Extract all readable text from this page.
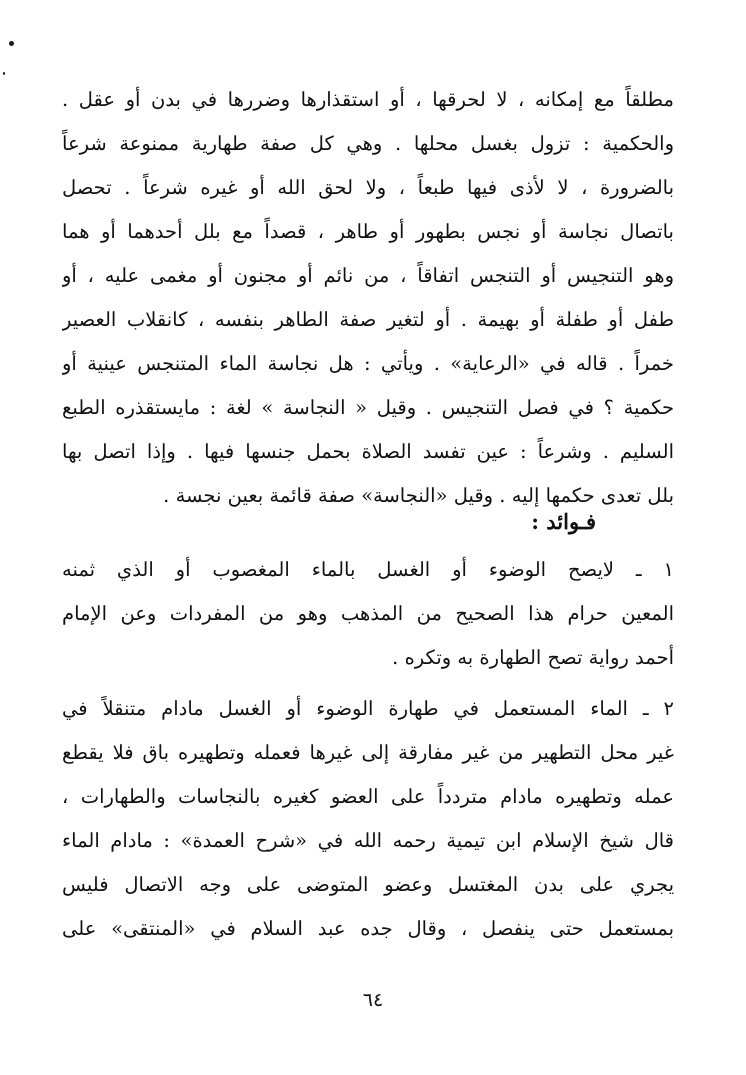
مطلقاً مع إمكانه ، لا لحرقها ، أو استقذارها وضررها في بدن أو عقل .
والحكمية : تزول بغسل محلها . وهي كل صفة طهارية ممنوعة شرعاً
بالضرورة ، لا لأذى فيها طبعاً ، ولا لحق الله أو غيره شرعاً . تحصل
باتصال نجاسة أو نجس بطهور أو طاهر ، قصداً مع بلل أحدهما أو هما
وهو التنجيس أو التنجس اتفاقاً ، من نائم أو مجنون أو مغمى عليه ، أو
طفل أو طفلة أو بهيمة . أو لتغير صفة الطاهر بنفسه ، كانقلاب العصير
خمراً . قاله في «الرعاية» . ويأتي : هل نجاسة الماء المتنجس عينية أو
حكمية ؟ في فصل التنجيس . وقيل « النجاسة » لغة : مايستقذره الطبع
السليم . وشرعاً : عين تفسد الصلاة بحمل جنسها فيها . وإذا اتصل بها
بلل تعدى حكمها إليه . وقيل «النجاسة» صفة قائمة بعين نجسة .
فـوائد :
١ ـ لايصح الوضوء أو الغسل بالماء المغصوب أو الذي ثمنه
المعين حرام هذا الصحيح من المذهب وهو من المفردات وعن الإمام
أحمد رواية تصح الطهارة به وتكره .
٢ ـ الماء المستعمل في طهارة الوضوء أو الغسل مادام متنقلاً في
غير محل التطهير من غير مفارقة إلى غيرها فعمله وتطهيره باق فلا يقطع
عمله وتطهيره مادام متردداً على العضو كغيره بالنجاسات والطهارات ،
قال شيخ الإسلام ابن تيمية رحمه الله في «شرح العمدة» : مادام الماء
يجري على بدن المغتسل وعضو المتوضى على وجه الاتصال فليس
بمستعمل حتى ينفصل ، وقال جده عبد السلام في «المنتقى» على
٦٤
